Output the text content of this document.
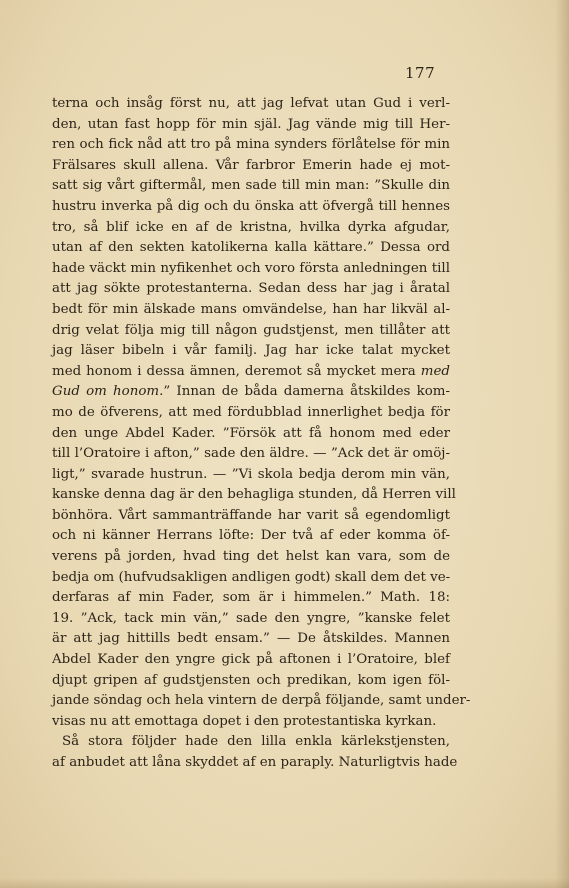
177
terna och insåg först nu, att jag lefvat utan Gud i verl-
den, utan fast hopp för min själ. Jag vände mig till Her-
ren och fick nåd att tro på mina synders förlåtelse för min
Frälsares skull allena. Vår farbror Emerin hade ej mot-
satt sig vårt giftermål, men sade till min man: ”Skulle din
hustru inverka på dig och du önska att öfvergå till hennes
tro, så blif icke en af de kristna, hvilka dyrka afgudar,
utan af den sekten katolikerna kalla kättare.” Dessa ord
hade väckt min nyfikenhet och voro första anledningen till
att jag sökte protestanterna. Sedan dess har jag i åratal
bedt för min älskade mans omvändelse, han har likväl al-
drig velat följa mig till någon gudstjenst, men tillåter att
jag läser bibeln i vår familj. Jag har icke talat mycket
med honom i dessa ämnen, deremot så mycket mera med
Gud om honom.” Innan de båda damerna åtskildes kom-
mo de öfverens, att med fördubblad innerlighet bedja för
den unge Abdel Kader. ”Försök att få honom med eder
till l’Oratoire i afton,” sade den äldre. — ”Ack det är omöj-
ligt,” svarade hustrun. — ”Vi skola bedja derom min vän,
kanske denna dag är den behagliga stunden, då Herren vill
bönhöra. Vårt sammanträffande har varit så egendomligt
och ni känner Herrans löfte: Der två af eder komma öf-
verens på jorden, hvad ting det helst kan vara, som de
bedja om (hufvudsakligen andligen godt) skall dem det ve-
derfaras af min Fader, som är i himmelen.” Math. 18:
19. ”Ack, tack min vän,” sade den yngre, ”kanske felet
är att jag hittills bedt ensam.” — De åtskildes. Mannen
Abdel Kader den yngre gick på aftonen i l’Oratoire, blef
djupt gripen af gudstjensten och predikan, kom igen föl-
jande söndag och hela vintern de derpå följande, samt under-
visas nu att emottaga dopet i den protestantiska kyrkan.
Så stora följder hade den lilla enkla kärlekstjensten,
af anbudet att låna skyddet af en paraply. Naturligtvis hade
